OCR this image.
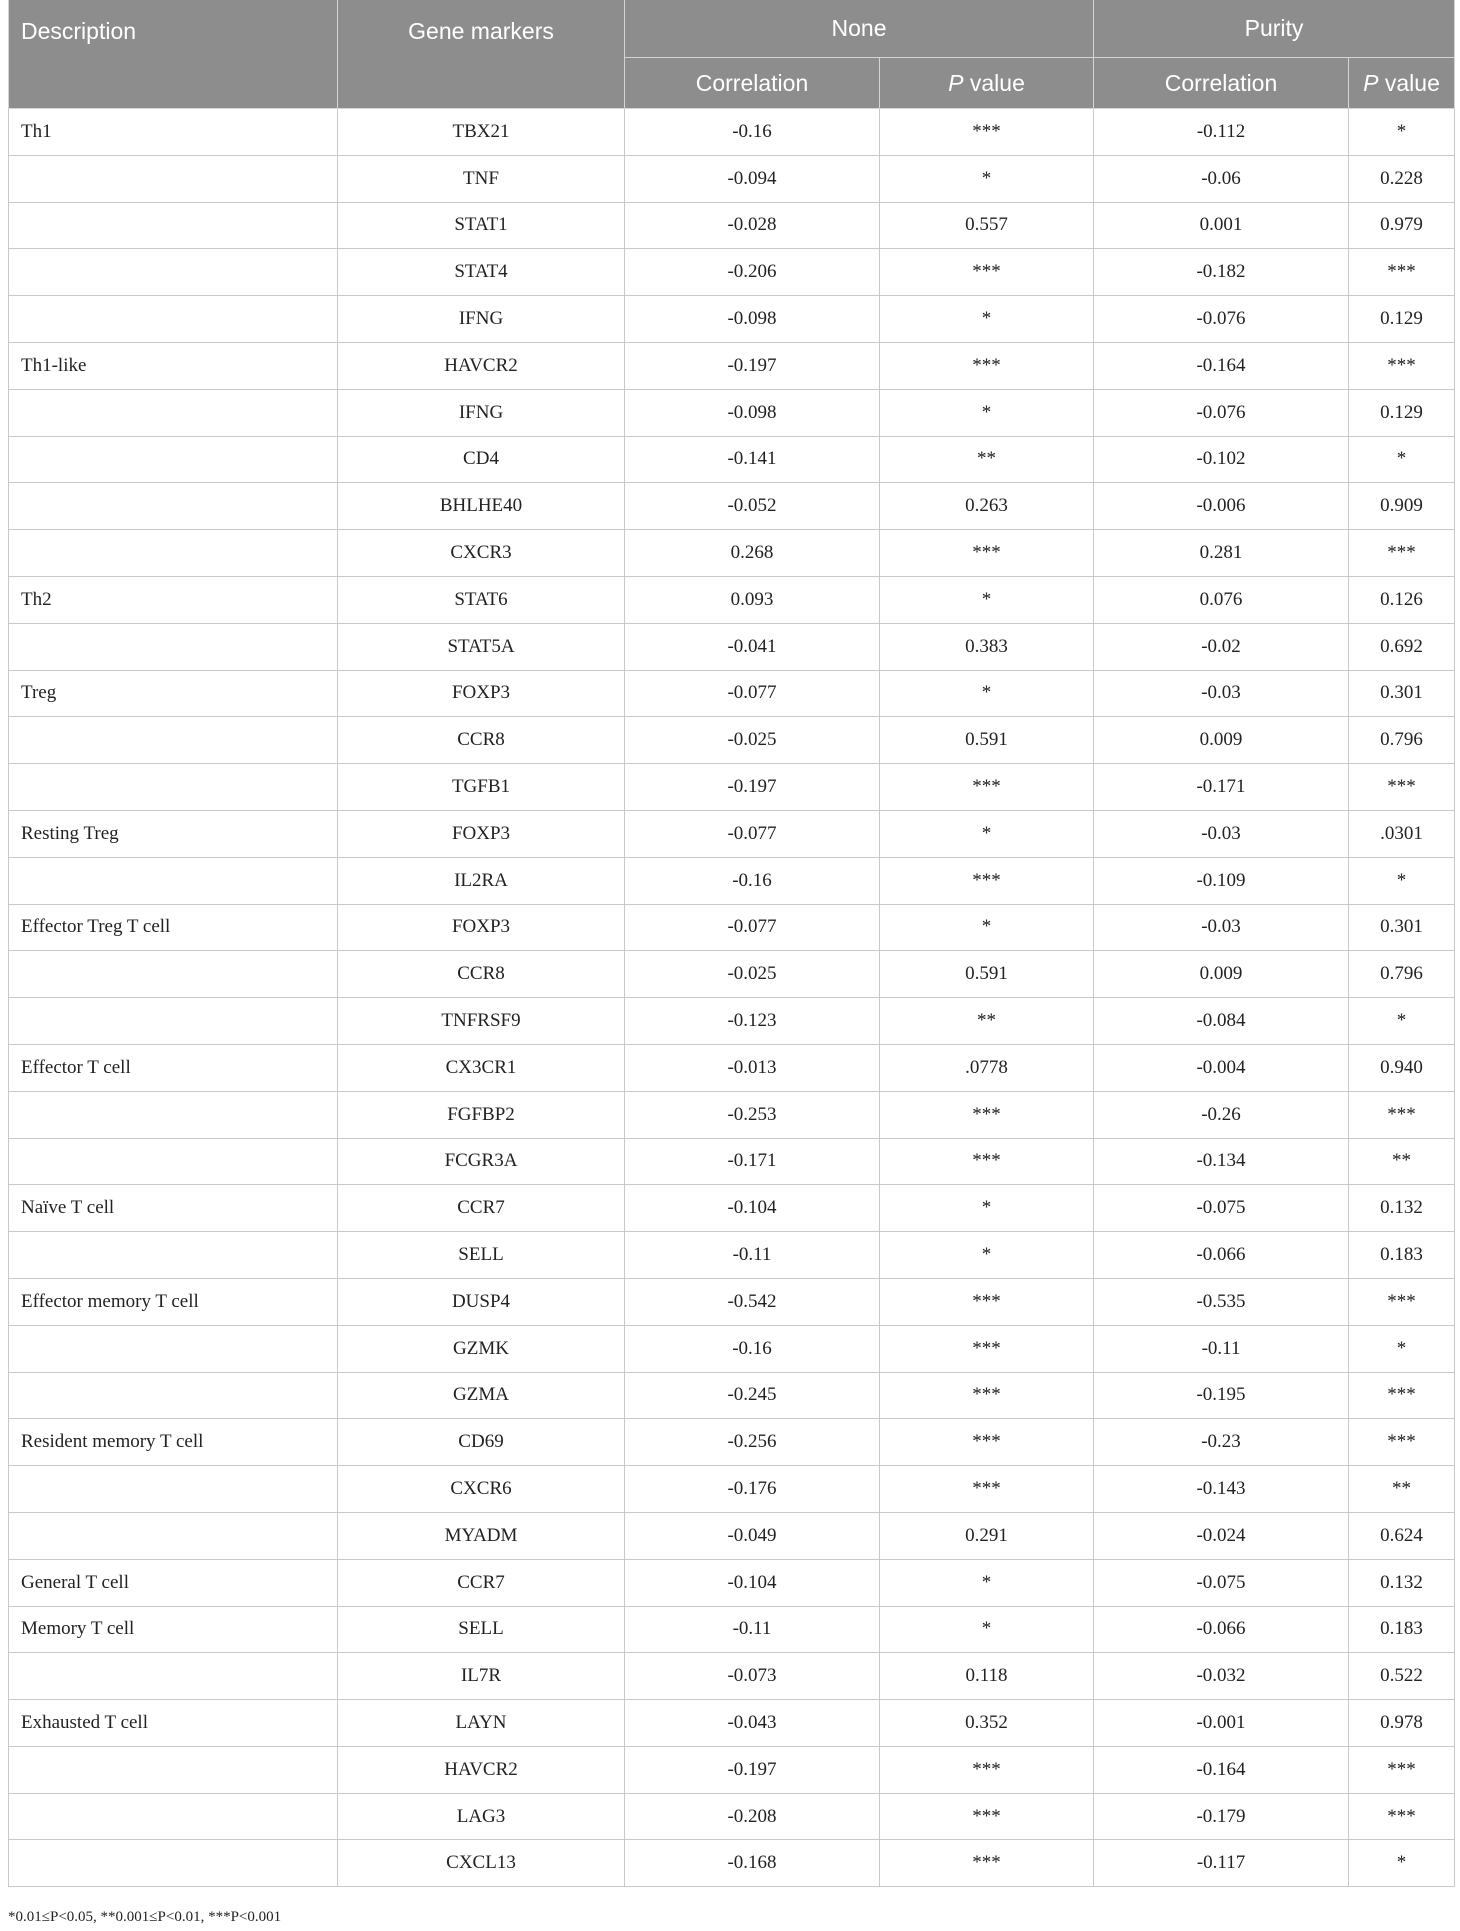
Description	Gene markers	None		Purity	
		Correlation	P value	Correlation	P value
Th1	TBX21	-0.16	***	-0.112	*
	TNF	-0.094	*	-0.06	0.228
	STAT1	-0.028	0.557	0.001	0.979
	STAT4	-0.206	***	-0.182	***
	IFNG	-0.098	*	-0.076	0.129
Th1-like	HAVCR2	-0.197	***	-0.164	***
	IFNG	-0.098	*	-0.076	0.129
	CD4	-0.141	**	-0.102	*
	BHLHE40	-0.052	0.263	-0.006	0.909
	CXCR3	0.268	***	0.281	***
Th2	STAT6	0.093	*	0.076	0.126
	STAT5A	-0.041	0.383	-0.02	0.692
Treg	FOXP3	-0.077	*	-0.03	0.301
	CCR8	-0.025	0.591	0.009	0.796
	TGFB1	-0.197	***	-0.171	***
Resting Treg	FOXP3	-0.077	*	-0.03	.0301
	IL2RA	-0.16	***	-0.109	*
Effector Treg T cell	FOXP3	-0.077	*	-0.03	0.301
	CCR8	-0.025	0.591	0.009	0.796
	TNFRSF9	-0.123	**	-0.084	*
Effector T cell	CX3CR1	-0.013	.0778	-0.004	0.940
	FGFBP2	-0.253	***	-0.26	***
	FCGR3A	-0.171	***	-0.134	**
Naïve T cell	CCR7	-0.104	*	-0.075	0.132
	SELL	-0.11	*	-0.066	0.183
Effector memory T cell	DUSP4	-0.542	***	-0.535	***
	GZMK	-0.16	***	-0.11	*
	GZMA	-0.245	***	-0.195	***
Resident memory T cell	CD69	-0.256	***	-0.23	***
	CXCR6	-0.176	***	-0.143	**
	MYADM	-0.049	0.291	-0.024	0.624
General T cell	CCR7	-0.104	*	-0.075	0.132
Memory T cell	SELL	-0.11	*	-0.066	0.183
	IL7R	-0.073	0.118	-0.032	0.522
Exhausted T cell	LAYN	-0.043	0.352	-0.001	0.978
	HAVCR2	-0.197	***	-0.164	***
	LAG3	-0.208	***	-0.179	***
	CXCL13	-0.168	***	-0.117	*
*0.01≤P<0.05, **0.001≤P<0.01, ***P<0.001
